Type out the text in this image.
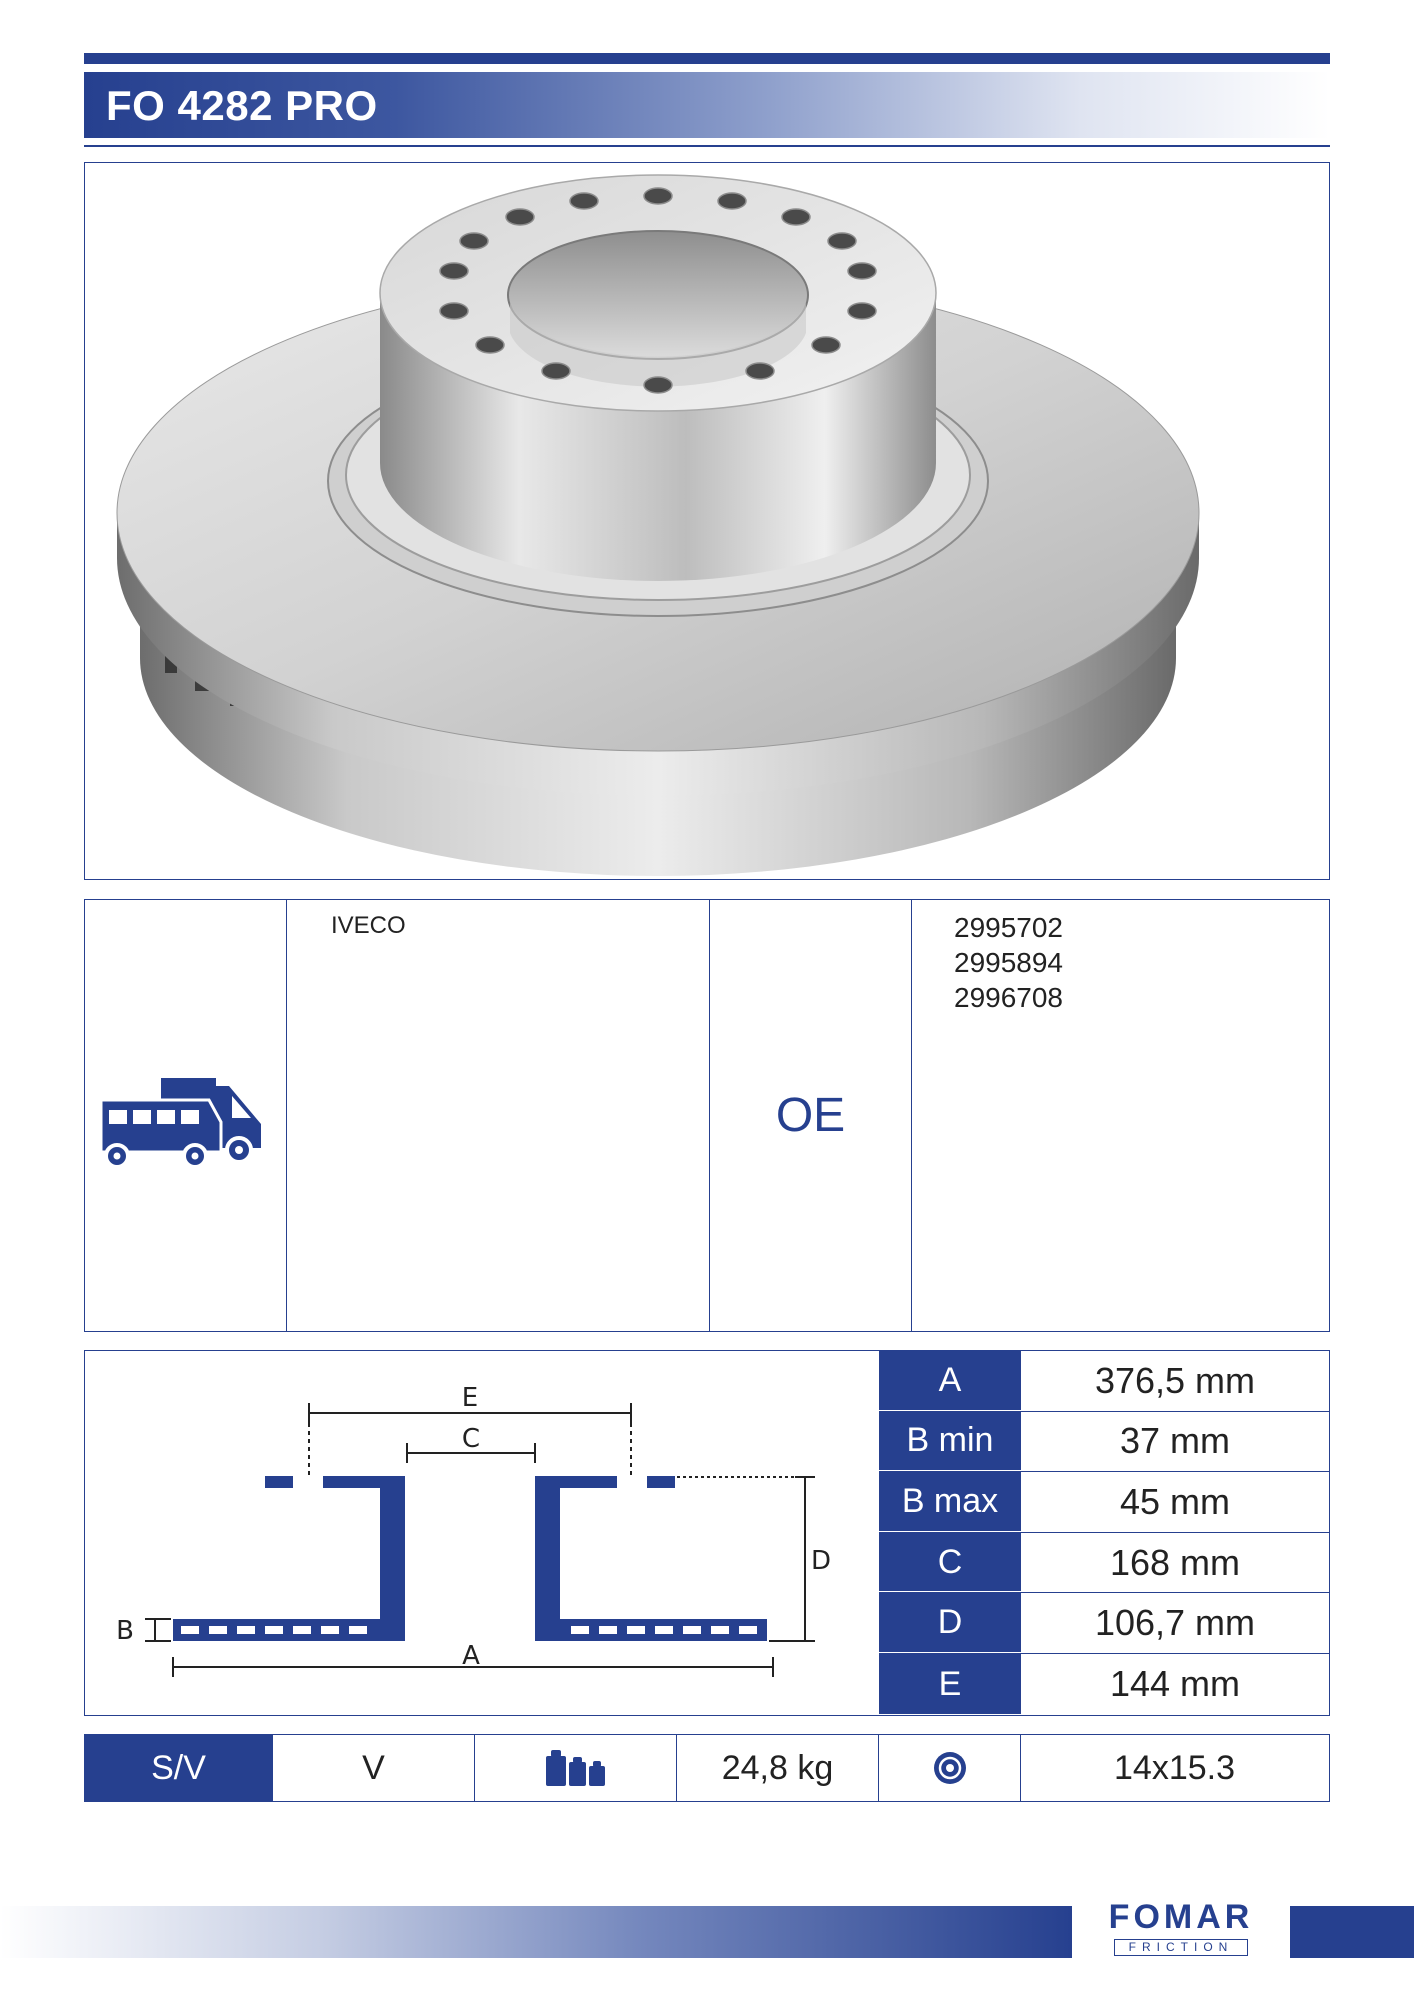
FO 4282 PRO
IVECO
OE
2995702
2995894
2996708
E
C
D
A
B
A	376,5 mm
B min	37 mm
B max	45 mm
C	168 mm
D	106,7 mm
E	144 mm
S/V	V	24,8 kg	14x15.3
FOMAR
FRICTION
